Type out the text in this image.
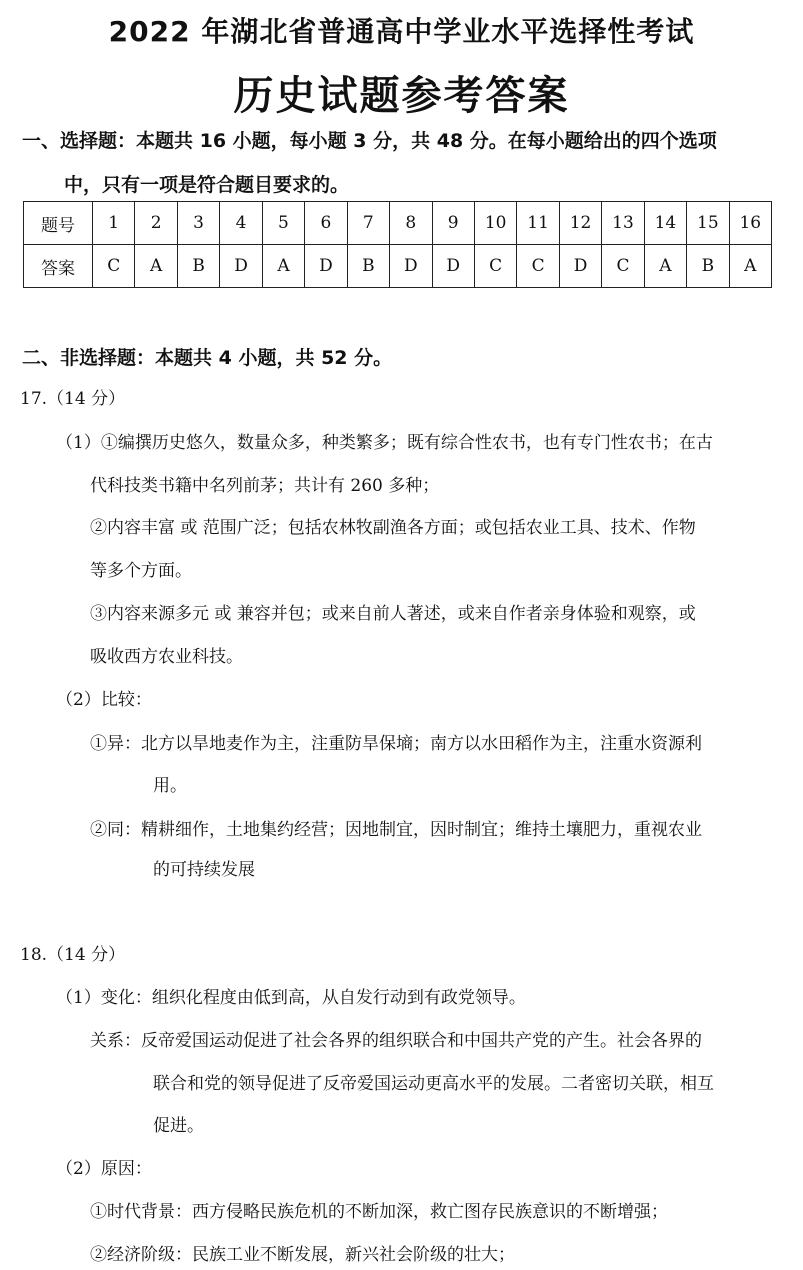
2022 年湖北省普通高中学业水平选择性考试
历史试题参考答案
一、选择题：本题共 16 小题，每小题 3 分，共 48 分。在每小题给出的四个选项
中，只有一项是符合题目要求的。
题号	1	2	3	4	5	6	7	8	9	10	11	12	13	14	15	16
答案	C	A	B	D	A	D	B	D	D	C	C	D	C	A	B	A
二、非选择题：本题共 4 小题，共 52 分。
17.（14 分）
（1）①编撰历史悠久，数量众多，种类繁多；既有综合性农书，也有专门性农书；在古
代科技类书籍中名列前茅；共计有 260 多种；
②内容丰富 或 范围广泛；包括农林牧副渔各方面；或包括农业工具、技术、作物
等多个方面。
③内容来源多元 或 兼容并包；或来自前人著述，或来自作者亲身体验和观察，或
吸收西方农业科技。
（2）比较：
①异：北方以旱地麦作为主，注重防旱保墒；南方以水田稻作为主，注重水资源利
用。
②同：精耕细作，土地集约经营；因地制宜，因时制宜；维持土壤肥力，重视农业
的可持续发展
18.（14 分）
（1）变化：组织化程度由低到高，从自发行动到有政党领导。
关系：反帝爱国运动促进了社会各界的组织联合和中国共产党的产生。社会各界的
联合和党的领导促进了反帝爱国运动更高水平的发展。二者密切关联，相互
促进。
（2）原因：
①时代背景：西方侵略民族危机的不断加深，救亡图存民族意识的不断增强；
②经济阶级：民族工业不断发展，新兴社会阶级的壮大；
